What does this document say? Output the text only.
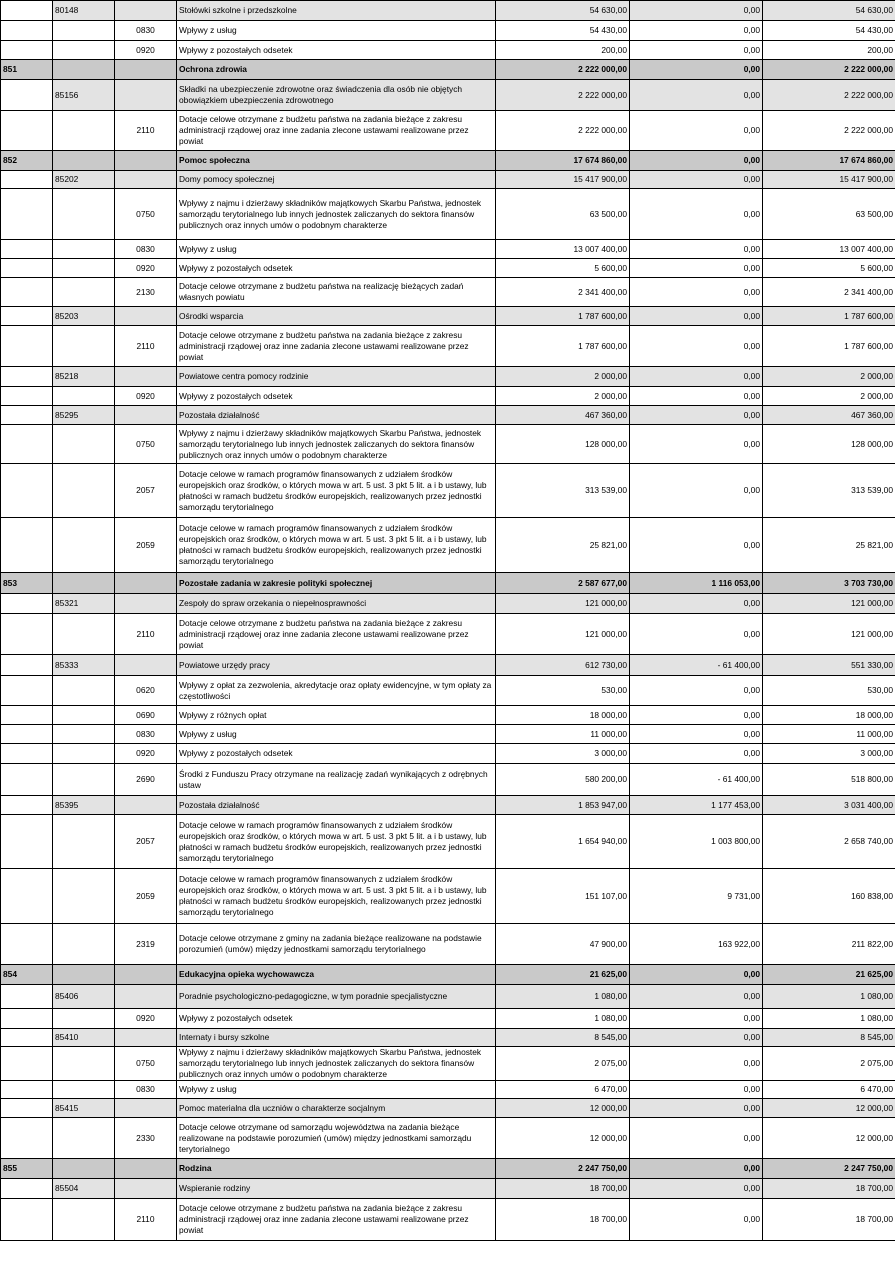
	80148		Stołówki szkolne i przedszkolne	54 630,00	0,00	54 630,00
		0830	Wpływy z usług	54 430,00	0,00	54 430,00
		0920	Wpływy z pozostałych odsetek	200,00	0,00	200,00
851			Ochrona zdrowia	2 222 000,00	0,00	2 222 000,00
	85156		Składki na ubezpieczenie zdrowotne oraz świadczenia dla osób nie objętych obowiązkiem ubezpieczenia zdrowotnego	2 222 000,00	0,00	2 222 000,00
		2110	Dotacje celowe otrzymane z budżetu państwa na zadania bieżące z zakresu administracji rządowej oraz inne zadania zlecone ustawami realizowane przez powiat	2 222 000,00	0,00	2 222 000,00
852			Pomoc społeczna	17 674 860,00	0,00	17 674 860,00
	85202		Domy pomocy społecznej	15 417 900,00	0,00	15 417 900,00
		0750	Wpływy z najmu i dzierżawy składników majątkowych Skarbu Państwa, jednostek samorządu terytorialnego lub innych jednostek zaliczanych do sektora finansów publicznych oraz innych umów o podobnym charakterze	63 500,00	0,00	63 500,00
		0830	Wpływy z usług	13 007 400,00	0,00	13 007 400,00
		0920	Wpływy z pozostałych odsetek	5 600,00	0,00	5 600,00
		2130	Dotacje celowe otrzymane z budżetu państwa na realizację bieżących zadań własnych powiatu	2 341 400,00	0,00	2 341 400,00
	85203		Ośrodki wsparcia	1 787 600,00	0,00	1 787 600,00
		2110	Dotacje celowe otrzymane z budżetu państwa na zadania bieżące z zakresu administracji rządowej oraz inne zadania zlecone ustawami realizowane przez powiat	1 787 600,00	0,00	1 787 600,00
	85218		Powiatowe centra pomocy rodzinie	2 000,00	0,00	2 000,00
		0920	Wpływy z pozostałych odsetek	2 000,00	0,00	2 000,00
	85295		Pozostała działalność	467 360,00	0,00	467 360,00
		0750	Wpływy z najmu i dzierżawy składników majątkowych Skarbu Państwa, jednostek samorządu terytorialnego lub innych jednostek zaliczanych do sektora finansów publicznych oraz innych umów o podobnym charakterze	128 000,00	0,00	128 000,00
		2057	Dotacje celowe w ramach programów finansowanych z udziałem środków europejskich oraz środków, o których mowa w art. 5 ust. 3 pkt 5 lit. a i b ustawy, lub płatności w ramach budżetu środków europejskich, realizowanych przez jednostki samorządu terytorialnego	313 539,00	0,00	313 539,00
		2059	Dotacje celowe w ramach programów finansowanych z udziałem środków europejskich oraz środków, o których mowa w art. 5 ust. 3 pkt 5 lit. a i b ustawy, lub płatności w ramach budżetu środków europejskich, realizowanych przez jednostki samorządu terytorialnego	25 821,00	0,00	25 821,00
853			Pozostałe zadania w zakresie polityki społecznej	2 587 677,00	1 116 053,00	3 703 730,00
	85321		Zespoły do spraw orzekania o niepełnosprawności	121 000,00	0,00	121 000,00
		2110	Dotacje celowe otrzymane z budżetu państwa na zadania bieżące z zakresu administracji rządowej oraz inne zadania zlecone ustawami realizowane przez powiat	121 000,00	0,00	121 000,00
	85333		Powiatowe urzędy pracy	612 730,00	- 61 400,00	551 330,00
		0620	Wpływy z opłat za zezwolenia, akredytacje oraz opłaty ewidencyjne, w tym opłaty za częstotliwości	530,00	0,00	530,00
		0690	Wpływy z różnych opłat	18 000,00	0,00	18 000,00
		0830	Wpływy z usług	11 000,00	0,00	11 000,00
		0920	Wpływy z pozostałych odsetek	3 000,00	0,00	3 000,00
		2690	Środki z Funduszu Pracy otrzymane na realizację zadań wynikających z odrębnych ustaw	580 200,00	- 61 400,00	518 800,00
	85395		Pozostała działalność	1 853 947,00	1 177 453,00	3 031 400,00
		2057	Dotacje celowe w ramach programów finansowanych z udziałem środków europejskich oraz środków, o których mowa w art. 5 ust. 3 pkt 5 lit. a i b ustawy, lub płatności w ramach budżetu środków europejskich, realizowanych przez jednostki samorządu terytorialnego	1 654 940,00	1 003 800,00	2 658 740,00
		2059	Dotacje celowe w ramach programów finansowanych z udziałem środków europejskich oraz środków, o których mowa w art. 5 ust. 3 pkt 5 lit. a i b ustawy, lub płatności w ramach budżetu środków europejskich, realizowanych przez jednostki samorządu terytorialnego	151 107,00	9 731,00	160 838,00
		2319	Dotacje celowe otrzymane z gminy na zadania bieżące realizowane na podstawie porozumień (umów) między jednostkami samorządu terytorialnego	47 900,00	163 922,00	211 822,00
854			Edukacyjna opieka wychowawcza	21 625,00	0,00	21 625,00
	85406		Poradnie psychologiczno-pedagogiczne, w tym poradnie specjalistyczne	1 080,00	0,00	1 080,00
		0920	Wpływy z pozostałych odsetek	1 080,00	0,00	1 080,00
	85410		Internaty i bursy szkolne	8 545,00	0,00	8 545,00
		0750	Wpływy z najmu i dzierżawy składników majątkowych Skarbu Państwa, jednostek samorządu terytorialnego lub innych jednostek zaliczanych do sektora finansów publicznych oraz innych umów o podobnym charakterze	2 075,00	0,00	2 075,00
		0830	Wpływy z usług	6 470,00	0,00	6 470,00
	85415		Pomoc materialna dla uczniów o charakterze socjalnym	12 000,00	0,00	12 000,00
		2330	Dotacje celowe otrzymane od samorządu województwa na zadania bieżące realizowane na podstawie porozumień (umów) między jednostkami samorządu terytorialnego	12 000,00	0,00	12 000,00
855			Rodzina	2 247 750,00	0,00	2 247 750,00
	85504		Wspieranie rodziny	18 700,00	0,00	18 700,00
		2110	Dotacje celowe otrzymane z budżetu państwa na zadania bieżące z zakresu administracji rządowej oraz inne zadania zlecone ustawami realizowane przez powiat	18 700,00	0,00	18 700,00
